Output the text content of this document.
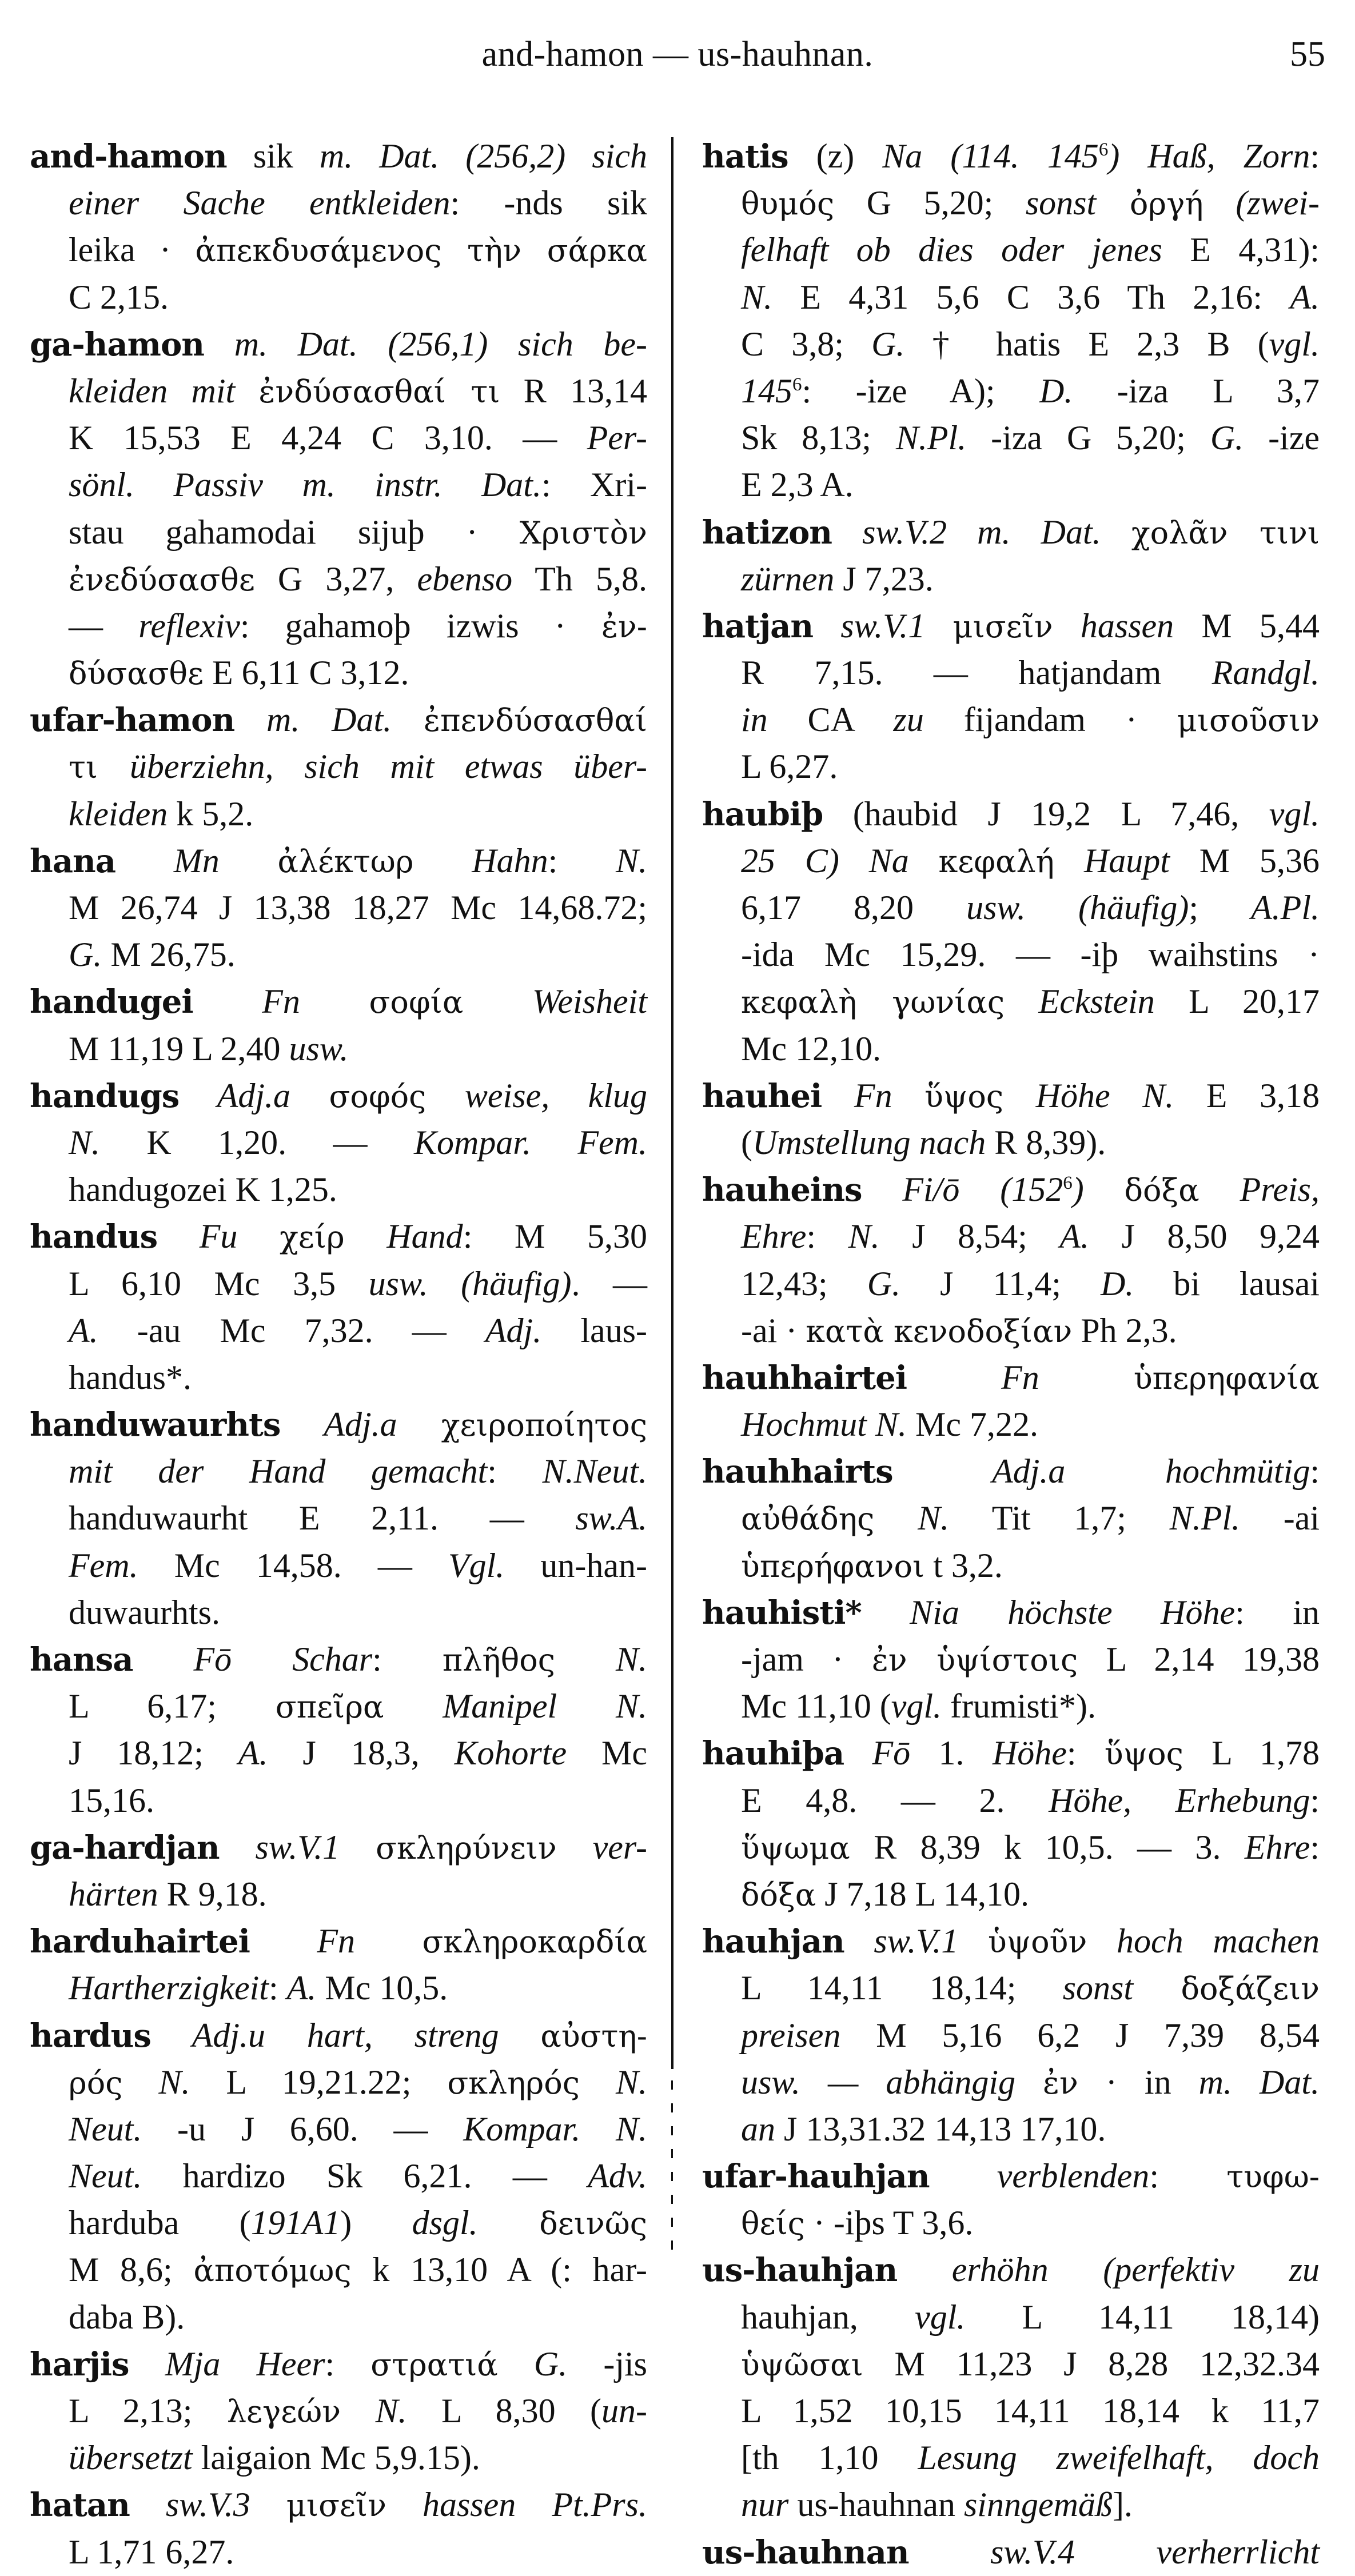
and-hamon — us-hauhnan.	55
and-hamon sik m. Dat. (256,2) sich
einer Sache entkleiden: -nds sik
leika · ἀπεκδυσάμενος τὴν σάρκα
C 2,15.
ga-hamon m. Dat. (256,1) sich be-
kleiden mit ἐνδύσασθαί τι R 13,14
K 15,53 E 4,24 C 3,10. — Per-
sönl. Passiv m. instr. Dat.: Xri-
stau gahamodai sijuþ · Χριστὸν
ἐνεδύσασθε G 3,27, ebenso Th 5,8.
— reflexiv: gahamoþ izwis · ἐν-
δύσασθε E 6,11 C 3,12.
ufar-hamon m. Dat. ἐπενδύσασθαί
τι überziehn, sich mit etwas über-
kleiden k 5,2.
hana Mn ἀλέκτωρ Hahn: N.
M 26,74 J 13,38 18,27 Mc 14,68.72;
G. M 26,75.
handugei Fn σοφία Weisheit
M 11,19 L 2,40 usw.
handugs Adj.a σοφός weise, klug
N. K 1,20. — Kompar. Fem.
handugozei K 1,25.
handus Fu χείρ Hand: M 5,30
L 6,10 Mc 3,5 usw. (häufig). —
A. -au Mc 7,32. — Adj. laus-
handus*.
handuwaurhts Adj.a χειροποίητος
mit der Hand gemacht: N.Neut.
handuwaurht E 2,11. — sw.A.
Fem. Mc 14,58. — Vgl. un-han-
duwaurhts.
hansa Fō Schar: πλῆθος N.
L 6,17; σπεῖρα Manipel N.
J 18,12; A. J 18,3, Kohorte Mc
15,16.
ga-hardjan sw.V.1 σκληρύνειν ver-
härten R 9,18.
harduhairtei Fn σκληροκαρδία
Hartherzigkeit: A. Mc 10,5.
hardus Adj.u hart, streng αὐστη-
ρός N. L 19,21.22; σκληρός N.
Neut. -u J 6,60. — Kompar. N.
Neut. hardizo Sk 6,21. — Adv.
harduba (191A1) dsgl. δεινῶς
M 8,6; ἀποτόμως k 13,10 A (: har-
daba B).
harjis Mja Heer: στρατιά G. -jis
L 2,13; λεγεών N. L 8,30 (un-
übersetzt laigaion Mc 5,9.15).
hatan sw.V.3 μισεῖν hassen Pt.Prs.
L 1,71 6,27.
hatis (z) Na (114. $145^6$) Haß, Zorn:
θυμός G 5,20; sonst ὀργή (zwei-
felhaft ob dies oder jenes E 4,31):
N. E 4,31 5,6 C 3,6 Th 2,16: A.
C 3,8; G. † hatis E 2,3 B (vgl.
$145^6$: -ize A); D. -iza L 3,7
Sk 8,13; N.Pl. -iza G 5,20; G. -ize
E 2,3 A.
hatizon sw.V.2 m. Dat. χολᾶν τινι
zürnen J 7,23.
hatjan sw.V.1 μισεῖν hassen M 5,44
R 7,15. — hatjandam Randgl.
in CA zu fijandam · μισοῦσιν
L 6,27.
haubiþ (haubid J 19,2 L 7,46, vgl.
25 C) Na κεφαλή Haupt M 5,36
6,17 8,20 usw. (häufig); A.Pl.
-ida Mc 15,29. — -iþ waihstins ·
κεφαλὴ γωνίας Eckstein L 20,17
Mc 12,10.
hauhei Fn ὕψος Höhe N. E 3,18
(Umstellung nach R 8,39).
hauheins Fi/ō $(152^6)$ δόξα Preis,
Ehre: N. J 8,54; A. J 8,50 9,24
12,43; G. J 11,4; D. bi lausai
-ai · κατὰ κενοδοξίαν Ph 2,3.
hauhhairtei Fn ὑπερηφανία
Hochmut N. Mc 7,22.
hauhhairts Adj.a hochmütig:
αὐθάδης N. Tit 1,7; N.Pl. -ai
ὑπερήφανοι t 3,2.
hauhisti* Nia höchste Höhe: in
-jam · ἐν ὑψίστοις L 2,14 19,38
Mc 11,10 (vgl. frumisti*).
hauhiþa Fō 1. Höhe: ὕψος L 1,78
E 4,8. — 2. Höhe, Erhebung:
ὕψωμα R 8,39 k 10,5. — 3. Ehre:
δόξα J 7,18 L 14,10.
hauhjan sw.V.1 ὑψοῦν hoch machen
L 14,11 18,14; sonst δοξάζειν
preisen M 5,16 6,2 J 7,39 8,54
usw. — abhängig ἐν · in m. Dat.
an J 13,31.32 14,13 17,10.
ufar-hauhjan verblenden: τυφω-
θείς · -iþs T 3,6.
us-hauhjan erhöhn (perfektiv zu
hauhjan, vgl. L 14,11 18,14)
ὑψῶσαι M 11,23 J 8,28 12,32.34
L 1,52 10,15 14,11 18,14 k 11,7
[th 1,10 Lesung zweifelhaft, doch
nur us-hauhnan sinngemäß].
us-hauhnan sw.V.4 verherrlicht
